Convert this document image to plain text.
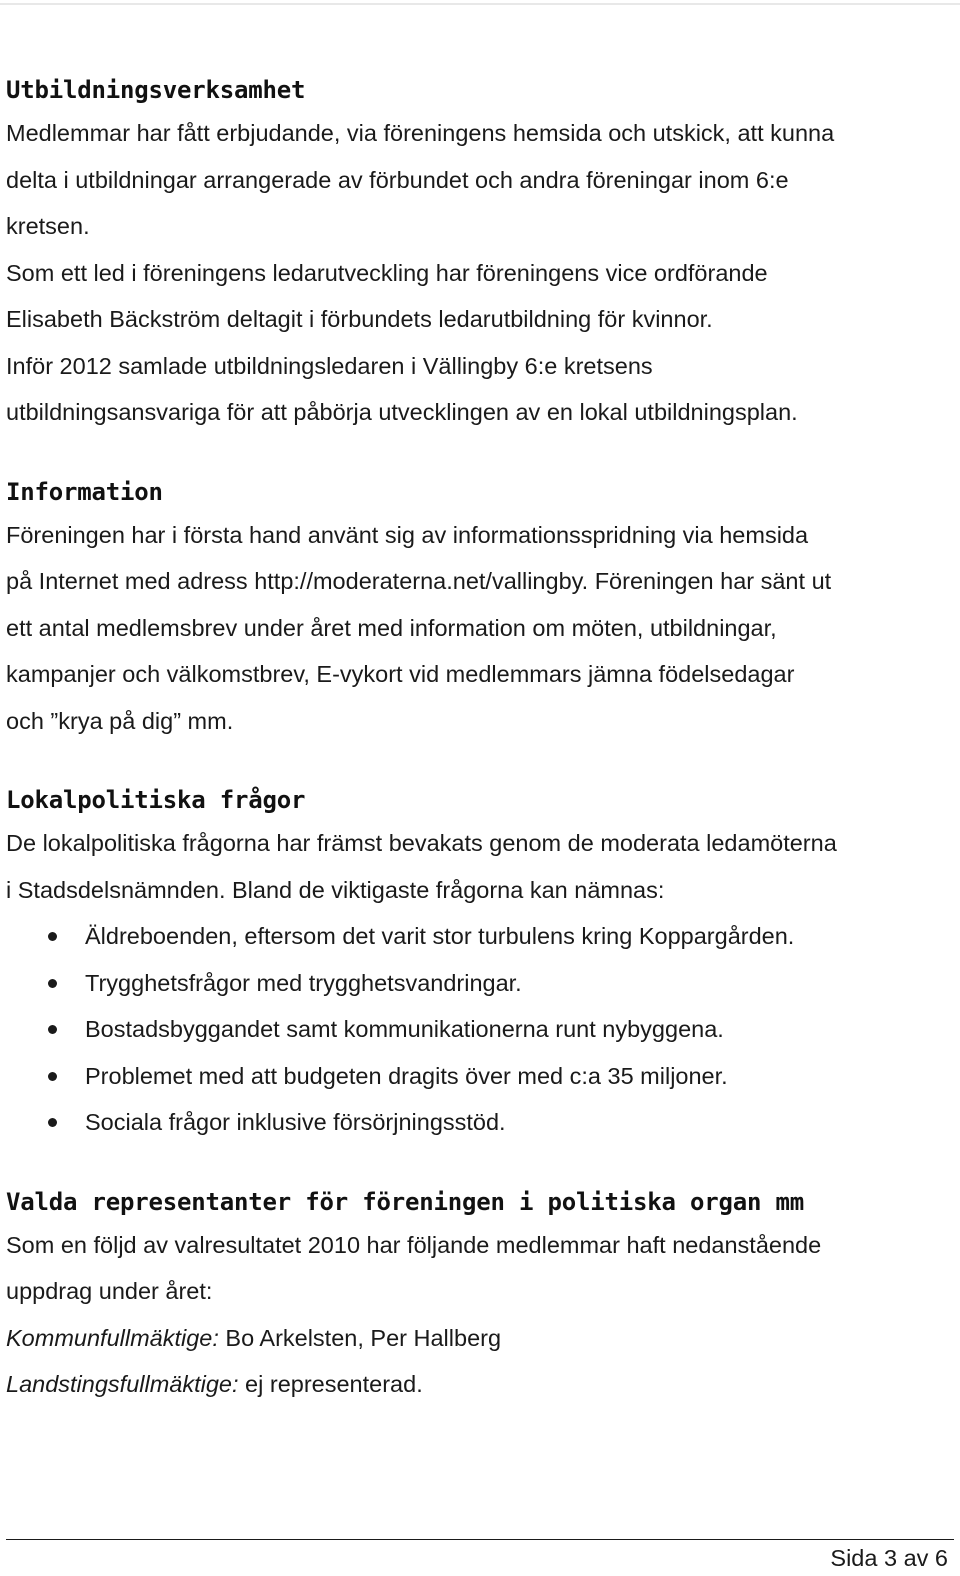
Utbildningsverksamhet

Medlemmar har fått erbjudande, via föreningens hemsida och utskick, att kunna
delta i utbildningar arrangerade av förbundet och andra föreningar inom 6:e
kretsen.
Som ett led i föreningens ledarutveckling har föreningens vice ordförande
Elisabeth Bäckström deltagit i förbundets ledarutbildning för kvinnor.
Inför 2012 samlade utbildningsledaren i Vällingby 6:e kretsens
utbildningsansvariga för att påbörja utvecklingen av en lokal utbildningsplan.

Information

Föreningen har i första hand använt sig av informationsspridning via hemsida
på Internet med adress http://moderaterna.net/vallingby. Föreningen har sänt ut
ett antal medlemsbrev under året med information om möten, utbildningar,
kampanjer och välkomstbrev, E-vykort vid medlemmars jämna födelsedagar
och ”krya på dig” mm.

Lokalpolitiska frågor

De lokalpolitiska frågorna har främst bevakats genom de moderata ledamöterna
i Stadsdelsnämnden. Bland de viktigaste frågorna kan nämnas:

Äldreboenden, eftersom det varit stor turbulens kring Koppargården.
Trygghetsfrågor med trygghetsvandringar.
Bostadsbyggandet samt kommunikationerna runt nybyggena.
Problemet med att budgeten dragits över med c:a 35 miljoner.
Sociala frågor inklusive försörjningsstöd.
Valda representanter för föreningen i politiska organ mm

Som en följd av valresultatet 2010 har följande medlemmar haft nedanstående
uppdrag under året:

Kommunfullmäktige: Bo Arkelsten, Per Hallberg

Landstingsfullmäktige: ej representerad.

Sida 3 av 6
